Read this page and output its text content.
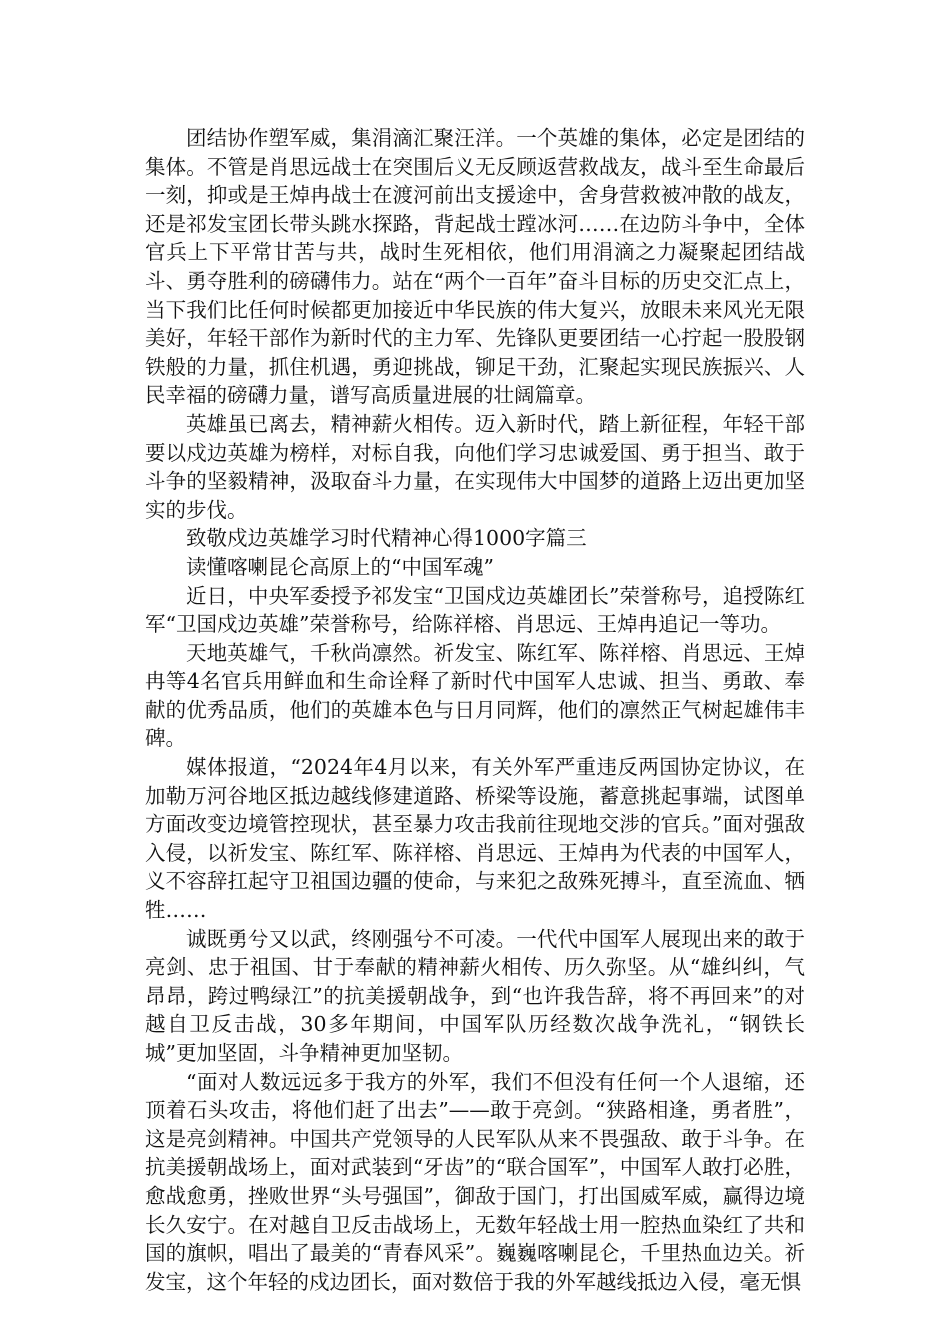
团结协作塑军威，集涓滴汇聚汪洋。一个英雄的集体，必定是团结的集体。不管是肖思远战士在突围后义无反顾返营救战友，战斗至生命最后一刻，抑或是王焯冉战士在渡河前出支援途中，舍身营救被冲散的战友，还是祁发宝团长带头跳水探路，背起战士蹚冰河……在边防斗争中，全体官兵上下平常甘苦与共，战时生死相依，他们用涓滴之力凝聚起团结战斗、勇夺胜利的磅礴伟力。站在“两个一百年”奋斗目标的历史交汇点上，当下我们比任何时候都更加接近中华民族的伟大复兴，放眼未来风光无限美好，年轻干部作为新时代的主力军、先锋队更要团结一心拧起一股股钢铁般的力量，抓住机遇，勇迎挑战，铆足干劲，汇聚起实现民族振兴、人民幸福的磅礴力量，谱写高质量进展的壮阔篇章。

英雄虽已离去，精神薪火相传。迈入新时代，踏上新征程，年轻干部要以戍边英雄为榜样，对标自我，向他们学习忠诚爱国、勇于担当、敢于斗争的坚毅精神，汲取奋斗力量，在实现伟大中国梦的道路上迈出更加坚实的步伐。

致敬戍边英雄学习时代精神心得1000字篇三

读懂喀喇昆仑高原上的“中国军魂”

近日，中央军委授予祁发宝“卫国戍边英雄团长”荣誉称号，追授陈红军“卫国戍边英雄”荣誉称号，给陈祥榕、肖思远、王焯冉追记一等功。

天地英雄气，千秋尚凛然。祈发宝、陈红军、陈祥榕、肖思远、王焯冉等4名官兵用鲜血和生命诠释了新时代中国军人忠诚、担当、勇敢、奉献的优秀品质，他们的英雄本色与日月同辉，他们的凛然正气树起雄伟丰碑。

媒体报道，“2024年4月以来，有关外军严重违反两国协定协议，在加勒万河谷地区抵边越线修建道路、桥梁等设施，蓄意挑起事端，试图单方面改变边境管控现状，甚至暴力攻击我前往现地交涉的官兵。”面对强敌入侵，以祈发宝、陈红军、陈祥榕、肖思远、王焯冉为代表的中国军人，义不容辞扛起守卫祖国边疆的使命，与来犯之敌殊死搏斗，直至流血、牺牲……

诚既勇兮又以武，终刚强兮不可凌。一代代中国军人展现出来的敢于亮剑、忠于祖国、甘于奉献的精神薪火相传、历久弥坚。从“雄纠纠，气昂昂，跨过鸭绿江”的抗美援朝战争，到“也许我告辞，将不再回来”的对越自卫反击战，30多年期间，中国军队历经数次战争洗礼，“钢铁长城”更加坚固，斗争精神更加坚韧。

“面对人数远远多于我方的外军，我们不但没有任何一个人退缩，还顶着石头攻击，将他们赶了出去”——敢于亮剑。“狭路相逢，勇者胜”，这是亮剑精神。中国共产党领导的人民军队从来不畏强敌、敢于斗争。在抗美援朝战场上，面对武装到“牙齿”的“联合国军”，中国军人敢打必胜，愈战愈勇，挫败世界“头号强国”，御敌于国门，打出国威军威，赢得边境长久安宁。在对越自卫反击战场上，无数年轻战士用一腔热血染红了共和国的旗帜，唱出了最美的“青春风采”。巍巍喀喇昆仑，千里热血边关。祈发宝，这个年轻的戍边团长，面对数倍于我的外军越线抵边入侵，毫无惧
